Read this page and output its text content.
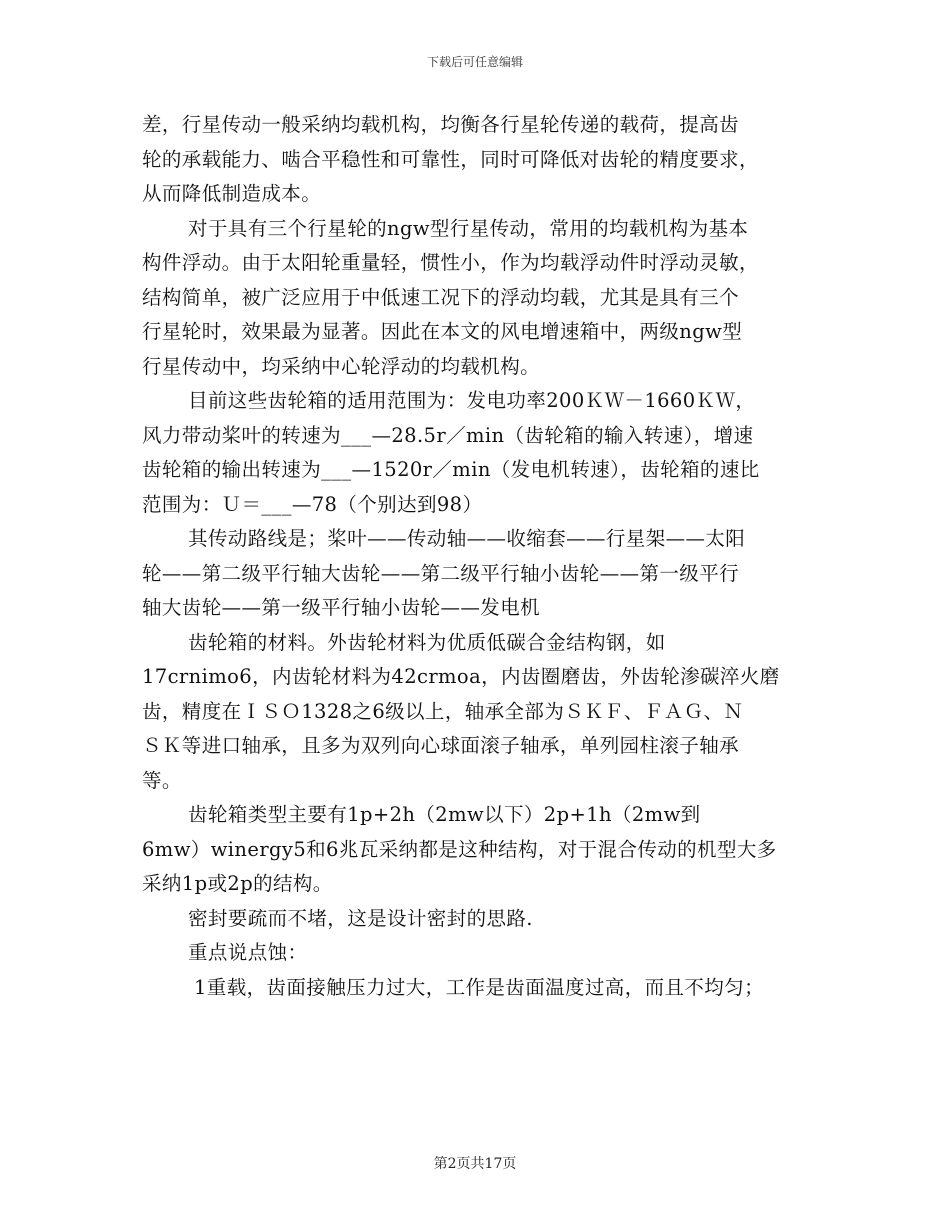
下载后可任意编辑
差，行星传动一般采纳均载机构，均衡各行星轮传递的载荷，提高齿
轮的承载能力、啮合平稳性和可靠性，同时可降低对齿轮的精度要求，
从而降低制造成本。
对于具有三个行星轮的ngw型行星传动，常用的均载机构为基本
构件浮动。由于太阳轮重量轻，惯性小，作为均载浮动件时浮动灵敏，
结构简单，被广泛应用于中低速工况下的浮动均载，尤其是具有三个
行星轮时，效果最为显著。因此在本文的风电增速箱中，两级ngw型
行星传动中，均采纳中心轮浮动的均载机构。
目前这些齿轮箱的适用范围为：发电功率200ＫＷ－1660ＫＷ，
风力带动桨叶的转速为___—28.5r／min（齿轮箱的输入转速），增速
齿轮箱的输出转速为___—1520r／min（发电机转速），齿轮箱的速比
范围为：Ｕ＝___—78（个别达到98）
其传动路线是；桨叶——传动轴——收缩套——行星架——太阳
轮——第二级平行轴大齿轮——第二级平行轴小齿轮——第一级平行
轴大齿轮——第一级平行轴小齿轮——发电机
齿轮箱的材料。外齿轮材料为优质低碳合金结构钢，如
17crnimo6，内齿轮材料为42crmoa，内齿圈磨齿，外齿轮渗碳淬火磨
齿，精度在ＩＳＯ1328之6级以上，轴承全部为ＳＫＦ、ＦＡＧ、Ｎ
ＳＫ等进口轴承，且多为双列向心球面滚子轴承，单列园柱滚子轴承
等。
齿轮箱类型主要有1p+2h（2mw以下）2p+1h（2mw到
6mw）winergy5和6兆瓦采纳都是这种结构，对于混合传动的机型大多
采纳1p或2p的结构。
密封要疏而不堵，这是设计密封的思路.
重点说点蚀：
1重载，齿面接触压力过大，工作是齿面温度过高，而且不均匀；
第2页共17页
